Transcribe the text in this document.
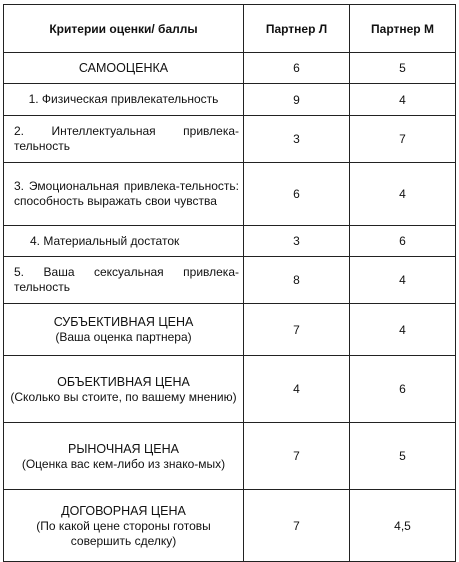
Критерии оценки/ баллы	Партнер Л	Партнер М
САМООЦЕНКА	6	5
1. Физическая привлекательность	9	4
2. Интеллектуальная привлека-тельность	3	7
3. Эмоциональная привлека-тельность: способность выражать свои чувства	6	4
4. Материальный достаток	3	6
5. Ваша сексуальная привлека-тельность	8	4

СУБЪЕКТИВНАЯ ЦЕНА
(Ваша оценка партнера)	7	4

ОБЪЕКТИВНАЯ ЦЕНА
(Сколько вы стоите, по вашему мнению)	4	6

РЫНОЧНАЯ ЦЕНА
(Оценка вас кем-либо из знако-мых)	7	5

ДОГОВОРНАЯ ЦЕНА
(По какой цене стороны готовы совершить сделку)	7	4,5
